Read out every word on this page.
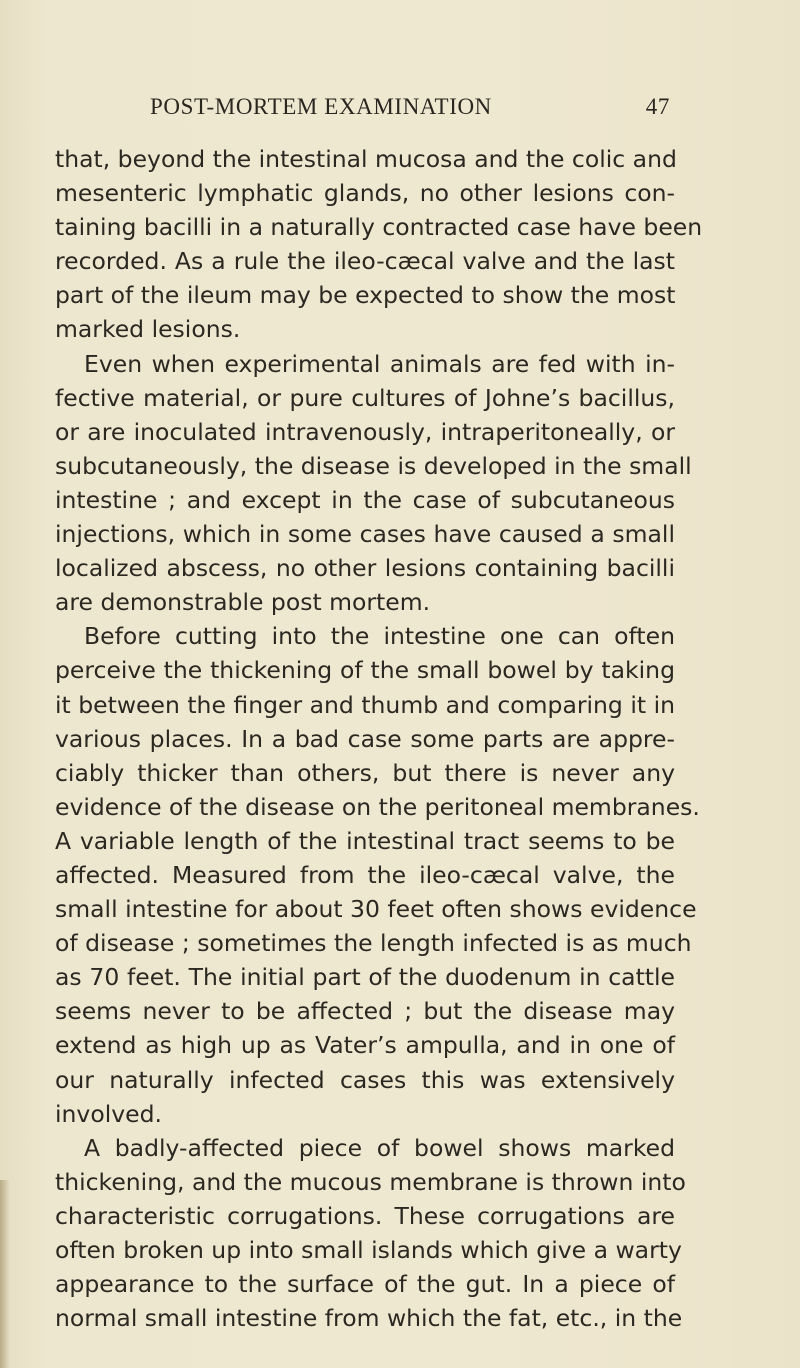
POST-MORTEM EXAMINATION	47
that, beyond the intestinal mucosa and the colic and
mesenteric lymphatic glands, no other lesions con-
taining bacilli in a naturally contracted case have been
recorded. As a rule the ileo-cæcal valve and the last
part of the ileum may be expected to show the most
marked lesions.
Even when experimental animals are fed with in-
fective material, or pure cultures of Johne’s bacillus,
or are inoculated intravenously, intraperitoneally, or
subcutaneously, the disease is developed in the small
intestine ; and except in the case of subcutaneous
injections, which in some cases have caused a small
localized abscess, no other lesions containing bacilli
are demonstrable post mortem.
Before cutting into the intestine one can often
perceive the thickening of the small bowel by taking
it between the finger and thumb and comparing it in
various places. In a bad case some parts are appre-
ciably thicker than others, but there is never any
evidence of the disease on the peritoneal membranes.
A variable length of the intestinal tract seems to be
affected. Measured from the ileo-cæcal valve, the
small intestine for about 30 feet often shows evidence
of disease ; sometimes the length infected is as much
as 70 feet. The initial part of the duodenum in cattle
seems never to be affected ; but the disease may
extend as high up as Vater’s ampulla, and in one of
our naturally infected cases this was extensively
involved.
A badly-affected piece of bowel shows marked
thickening, and the mucous membrane is thrown into
characteristic corrugations. These corrugations are
often broken up into small islands which give a warty
appearance to the surface of the gut. In a piece of
normal small intestine from which the fat, etc., in the
